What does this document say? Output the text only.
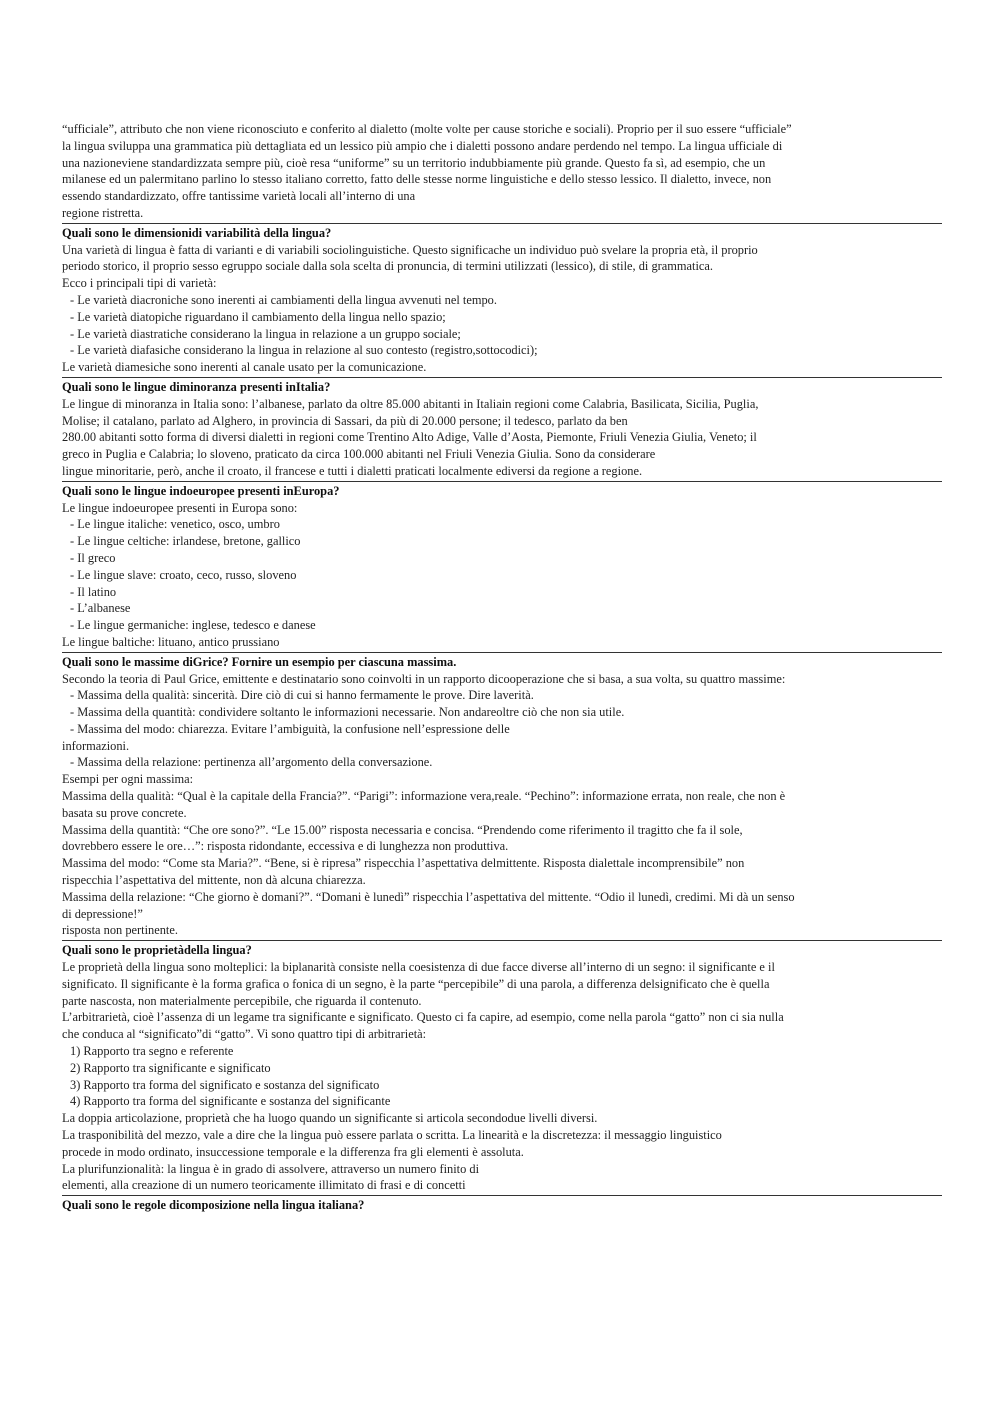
“ufficiale”, attributo che non viene riconosciuto e conferito al dialetto (molte volte per cause storiche e sociali). Proprio per il suo essere “ufficiale”
la lingua sviluppa una grammatica più dettagliata ed un lessico più ampio che i dialetti possono andare perdendo nel tempo. La lingua ufficiale di
una nazioneviene standardizzata sempre più, cioè resa “uniforme” su un territorio indubbiamente più grande. Questo fa sì, ad esempio, che un
milanese ed un palermitano parlino lo stesso italiano corretto, fatto delle stesse norme linguistiche e dello stesso lessico. Il dialetto, invece, non
essendo standardizzato, offre tantissime varietà locali all’interno di una
regione ristretta.
Quali sono le dimensionidi variabilità della lingua?
Una varietà di lingua è fatta di varianti e di variabili sociolinguistiche. Questo significache un individuo può svelare la propria età, il proprio
periodo storico, il proprio sesso egruppo sociale dalla sola scelta di pronuncia, di termini utilizzati (lessico), di stile, di grammatica.
Ecco i principali tipi di varietà:
- Le varietà diacroniche sono inerenti ai cambiamenti della lingua avvenuti nel tempo.
- Le varietà diatopiche riguardano il cambiamento della lingua nello spazio;
- Le varietà diastratiche considerano la lingua in relazione a un gruppo sociale;
- Le varietà diafasiche considerano la lingua in relazione al suo contesto (registro,sottocodici);
Le varietà diamesiche sono inerenti al canale usato per la comunicazione.
Quali sono le lingue diminoranza presenti inItalia?
Le lingue di minoranza in Italia sono: l’albanese, parlato da oltre 85.000 abitanti in Italiain regioni come Calabria, Basilicata, Sicilia, Puglia,
Molise; il catalano, parlato ad Alghero, in provincia di Sassari, da più di 20.000 persone; il tedesco, parlato da ben
280.00 abitanti sotto forma di diversi dialetti in regioni come Trentino Alto Adige, Valle d’Aosta, Piemonte, Friuli Venezia Giulia, Veneto; il
greco in Puglia e Calabria; lo sloveno, praticato da circa 100.000 abitanti nel Friuli Venezia Giulia. Sono da considerare
lingue minoritarie, però, anche il croato, il francese e tutti i dialetti praticati localmente ediversi da regione a regione.
Quali sono le lingue indoeuropee presenti inEuropa?
Le lingue indoeuropee presenti in Europa sono:
- Le lingue italiche: venetico, osco, umbro
- Le lingue celtiche: irlandese, bretone, gallico
- Il greco
- Le lingue slave: croato, ceco, russo, sloveno
- Il latino
- L’albanese
- Le lingue germaniche: inglese, tedesco e danese
Le lingue baltiche: lituano, antico prussiano
Quali sono le massime diGrice? Fornire un esempio per ciascuna massima.
Secondo la teoria di Paul Grice, emittente e destinatario sono coinvolti in un rapporto dicooperazione che si basa, a sua volta, su quattro massime:
- Massima della qualità: sincerità. Dire ciò di cui si hanno fermamente le prove. Dire laverità.
- Massima della quantità: condividere soltanto le informazioni necessarie. Non andareoltre ciò che non sia utile.
- Massima del modo: chiarezza. Evitare l’ambiguità, la confusione nell’espressione delle
informazioni.
- Massima della relazione: pertinenza all’argomento della conversazione.
Esempi per ogni massima:
Massima della qualità: “Qual è la capitale della Francia?”. “Parigi”: informazione vera,reale. “Pechino”: informazione errata, non reale, che non è
basata su prove concrete.
Massima della quantità: “Che ore sono?”. “Le 15.00” risposta necessaria e concisa. “Prendendo come riferimento il tragitto che fa il sole,
dovrebbero essere le ore…”: risposta ridondante, eccessiva e di lunghezza non produttiva.
Massima del modo: “Come sta Maria?”. “Bene, si è ripresa” rispecchia l’aspettativa delmittente. Risposta dialettale incomprensibile” non
rispecchia l’aspettativa del mittente, non dà alcuna chiarezza.
Massima della relazione: “Che giorno è domani?”. “Domani è lunedì” rispecchia l’aspettativa del mittente. “Odio il lunedì, credimi. Mi dà un senso
di depressione!”
risposta non pertinente.
Quali sono le proprietàdella lingua?
Le proprietà della lingua sono molteplici: la biplanarità consiste nella coesistenza di due facce diverse all’interno di un segno: il significante e il
significato. Il significante è la forma grafica o fonica di un segno, è la parte “percepibile” di una parola, a differenza delsignificato che è quella
parte nascosta, non materialmente percepibile, che riguarda il contenuto.
L’arbitrarietà, cioè l’assenza di un legame tra significante e significato. Questo ci fa capire, ad esempio, come nella parola “gatto” non ci sia nulla
che conduca al “significato”di “gatto”. Vi sono quattro tipi di arbitrarietà:
1) Rapporto tra segno e referente
2) Rapporto tra significante e significato
3) Rapporto tra forma del significato e sostanza del significato
4) Rapporto tra forma del significante e sostanza del significante
La doppia articolazione, proprietà che ha luogo quando un significante si articola secondodue livelli diversi.
La trasponibilità del mezzo, vale a dire che la lingua può essere parlata o scritta. La linearità e la discretezza: il messaggio linguistico
procede in modo ordinato, insuccessione temporale e la differenza fra gli elementi è assoluta.
La plurifunzionalità: la lingua è in grado di assolvere, attraverso un numero finito di
elementi, alla creazione di un numero teoricamente illimitato di frasi e di concetti
Quali sono le regole dicomposizione nella lingua italiana?
